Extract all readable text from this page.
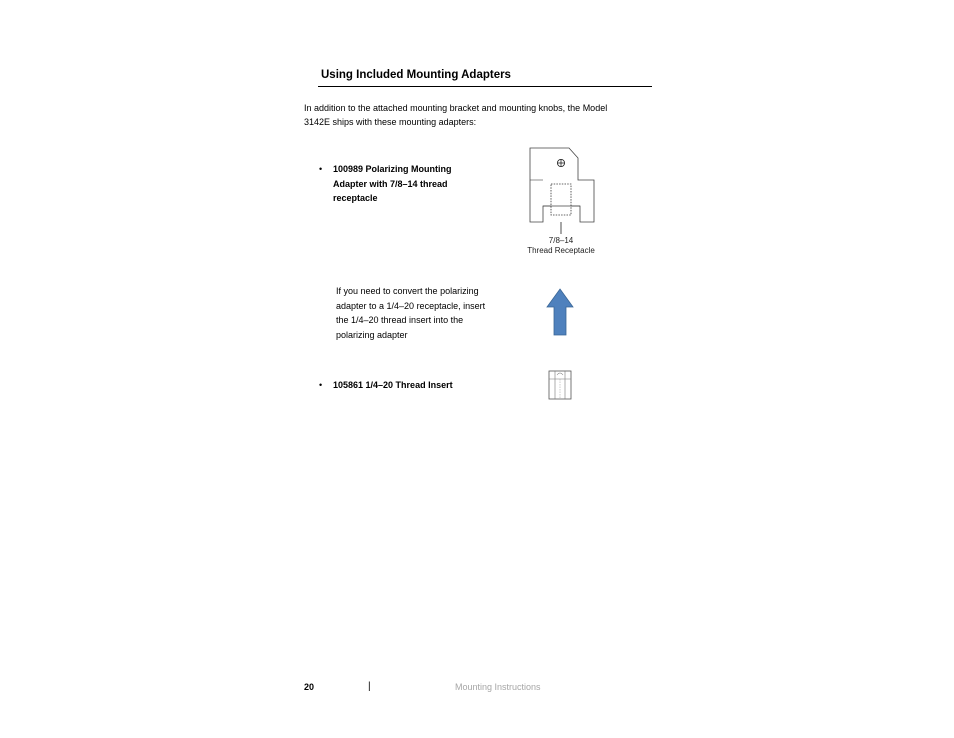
Using Included Mounting Adapters
In addition to the attached mounting bracket and mounting knobs, the Model 3142E ships with these mounting adapters:
• 100989 Polarizing Mounting Adapter with 7/8–14 thread receptacle
7/8–14
Thread Receptacle
If you need to convert the polarizing adapter to a 1/4–20 receptacle, insert the 1/4–20 thread insert into the polarizing adapter
• 105861 1/4–20 Thread Insert
20	|	Mounting Instructions
